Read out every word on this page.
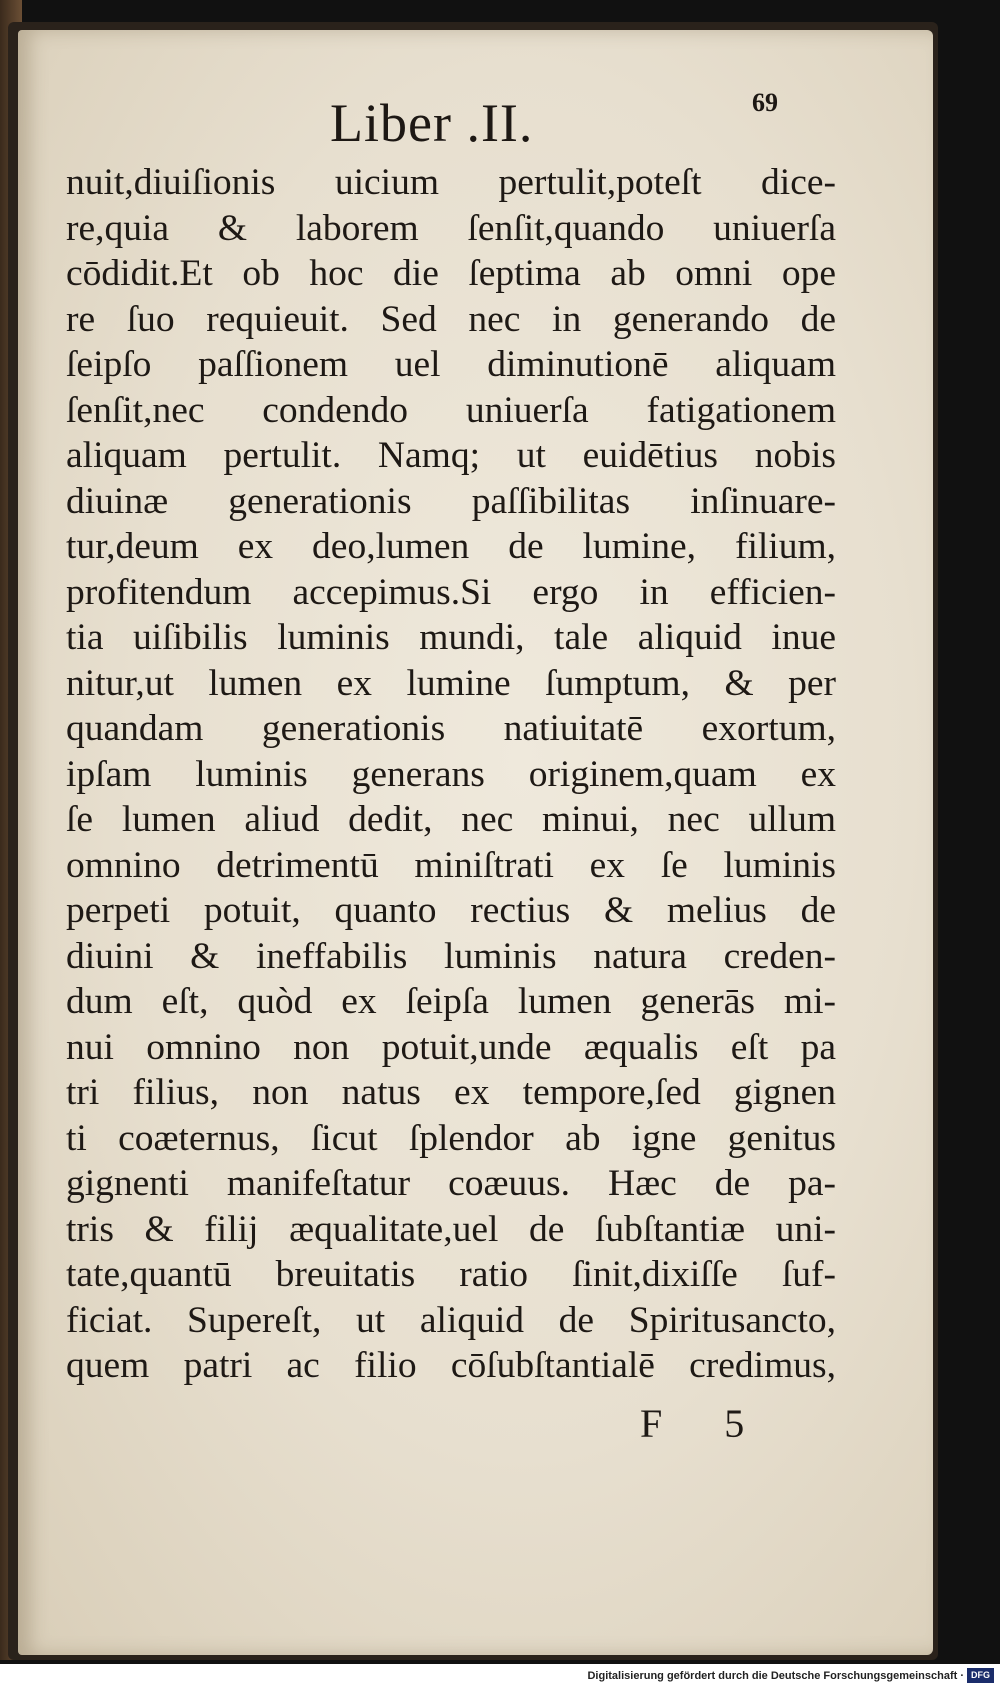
Liber .II.	69
nuit,diuiſionis uicium pertulit,poteſt dice-
re,quia & laborem ſenſit,quando uniuerſa
cōdidit.Et ob hoc die ſeptima ab omni ope
re ſuo requieuit. Sed nec in generando de
ſeipſo paſſionem uel diminutionē aliquam
ſenſit,nec condendo uniuerſa fatigationem
aliquam pertulit. Namq; ut euidētius nobis
diuinæ generationis paſſibilitas inſinuare-
tur,deum ex deo,lumen de lumine, filium,
profitendum accepimus.Si ergo in efficien-
tia uiſibilis luminis mundi, tale aliquid inue
nitur,ut lumen ex lumine ſumptum, & per
quandam generationis natiuitatē exortum,
ipſam luminis generans originem,quam ex
ſe lumen aliud dedit, nec minui, nec ullum
omnino detrimentū miniſtrati ex ſe luminis
perpeti potuit, quanto rectius & melius de
diuini & ineffabilis luminis natura creden-
dum eſt, quòd ex ſeipſa lumen generās mi-
nui omnino non potuit,unde æqualis eſt pa
tri filius, non natus ex tempore,ſed gignen
ti coæternus, ſicut ſplendor ab igne genitus
gignenti manifeſtatur coæuus. Hæc de pa-
tris & filij æqualitate,uel de ſubſtantiæ uni-
tate,quantū breuitatis ratio ſinit,dixiſſe ſuf-
ficiat. Supereſt, ut aliquid de Spiritusancto,
quem patri ac filio cōſubſtantialē credimus,
F 5
Digitalisierung gefördert durch die Deutsche Forschungsgemeinschaft · DFG
